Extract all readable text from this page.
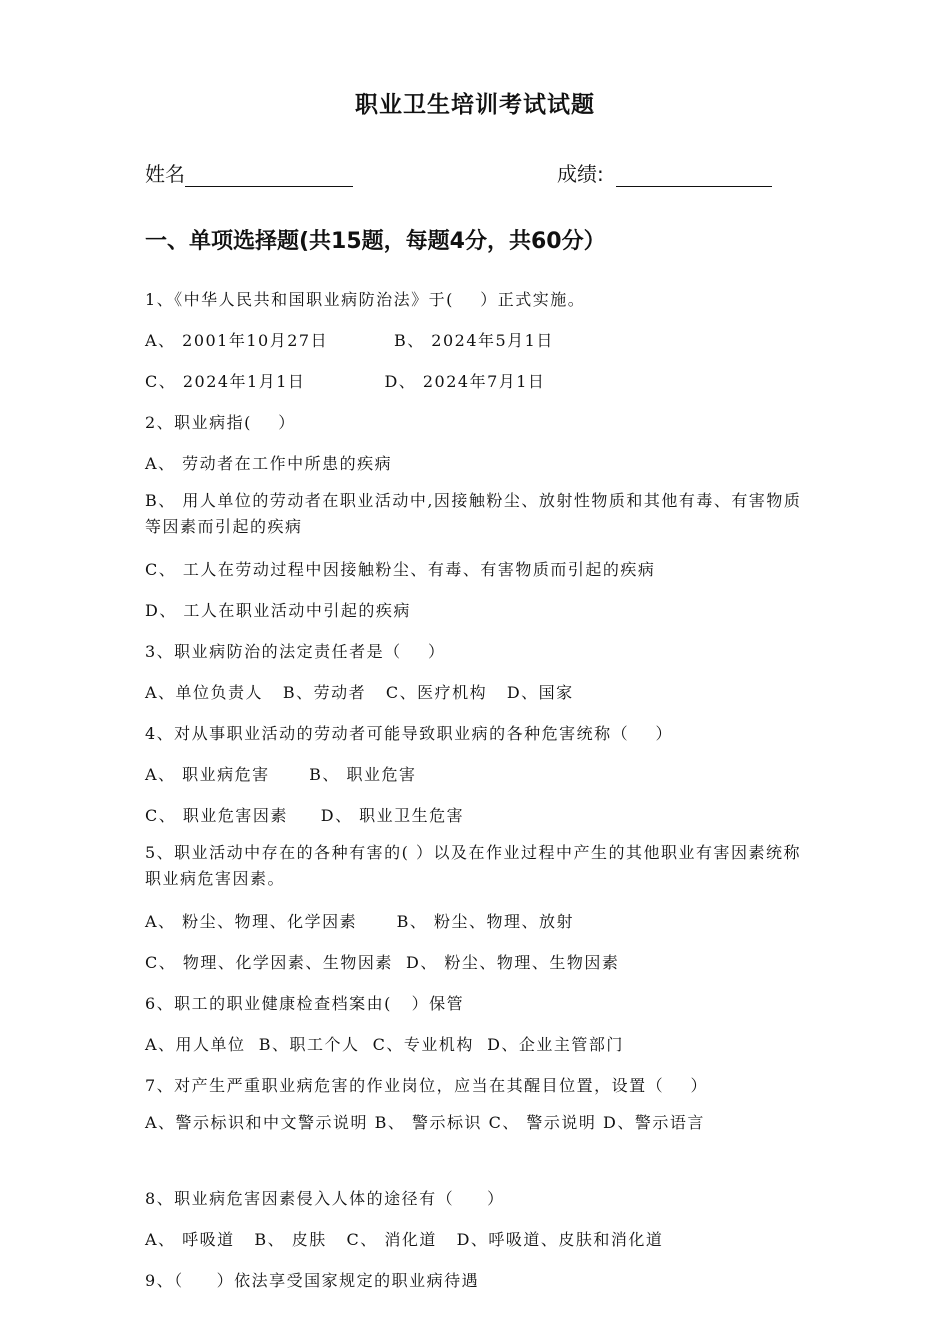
职业卫生培训考试试题
姓名	成绩:
一、单项选择题(共15题，每题4分，共60分）
1、《中华人民共和国职业病防治法》于(    ）正式实施。
A、 2001年10月27日          B、 2024年5月1日
C、 2024年1月1日            D、 2024年7月1日
2、职业病指(    ）
A、 劳动者在工作中所患的疾病
B、 用人单位的劳动者在职业活动中,因接触粉尘、放射性物质和其他有毒、有害物质等因素而引起的疾病
C、 工人在劳动过程中因接触粉尘、有毒、有害物质而引起的疾病
D、 工人在职业活动中引起的疾病
3、职业病防治的法定责任者是（    ）
A、单位负责人   B、劳动者   C、医疗机构   D、国家
4、对从事职业活动的劳动者可能导致职业病的各种危害统称（    ）
A、 职业病危害      B、 职业危害
C、 职业危害因素     D、 职业卫生危害
5、职业活动中存在的各种有害的( ）以及在作业过程中产生的其他职业有害因素统称职业病危害因素。
A、 粉尘、物理、化学因素      B、 粉尘、物理、放射
C、 物理、化学因素、生物因素  D、 粉尘、物理、生物因素
6、职工的职业健康检查档案由(   ）保管
A、用人单位  B、职工个人  C、专业机构  D、企业主管部门
7、对产生严重职业病危害的作业岗位，应当在其醒目位置，设置（    ）
A、警示标识和中文警示说明 B、 警示标识 C、 警示说明 D、警示语言
8、职业病危害因素侵入人体的途径有（     ）
A、 呼吸道   B、 皮肤   C、 消化道   D、呼吸道、皮肤和消化道
9、（     ）依法享受国家规定的职业病待遇
